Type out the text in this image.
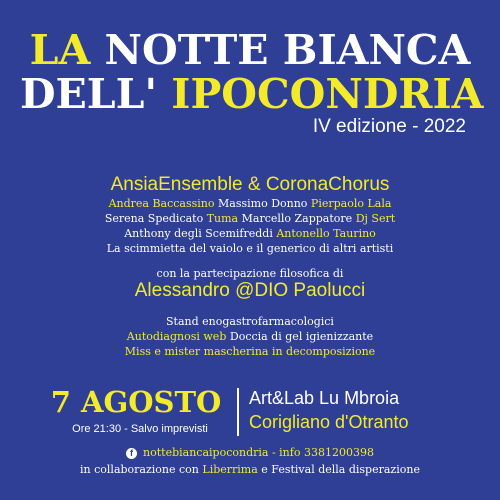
LA NOTTE BIANCA
DELL' IPOCONDRIA
IV edizione - 2022
AnsiaEnsemble & CoronaChorus
Andrea Baccassino Massimo Donno Pierpaolo Lala
Serena Spedicato Tuma Marcello Zappatore Dj Sert
Anthony degli Scemifreddi Antonello Taurino
La scimmietta del vaiolo e il generico di altri artisti
con la partecipazione filosofica di
Alessandro @DIO Paolucci
Stand enogastrofarmacologici
Autodiagnosi web Doccia di gel igienizzante
Miss e mister mascherina in decomposizione
7 AGOSTO
Ore 21:30 - Salvo imprevisti
Art&Lab Lu Mbroia
Corigliano d'Otranto
f nottebiancaipocondria - info 3381200398
in collaborazione con Liberrima e Festival della disperazione
